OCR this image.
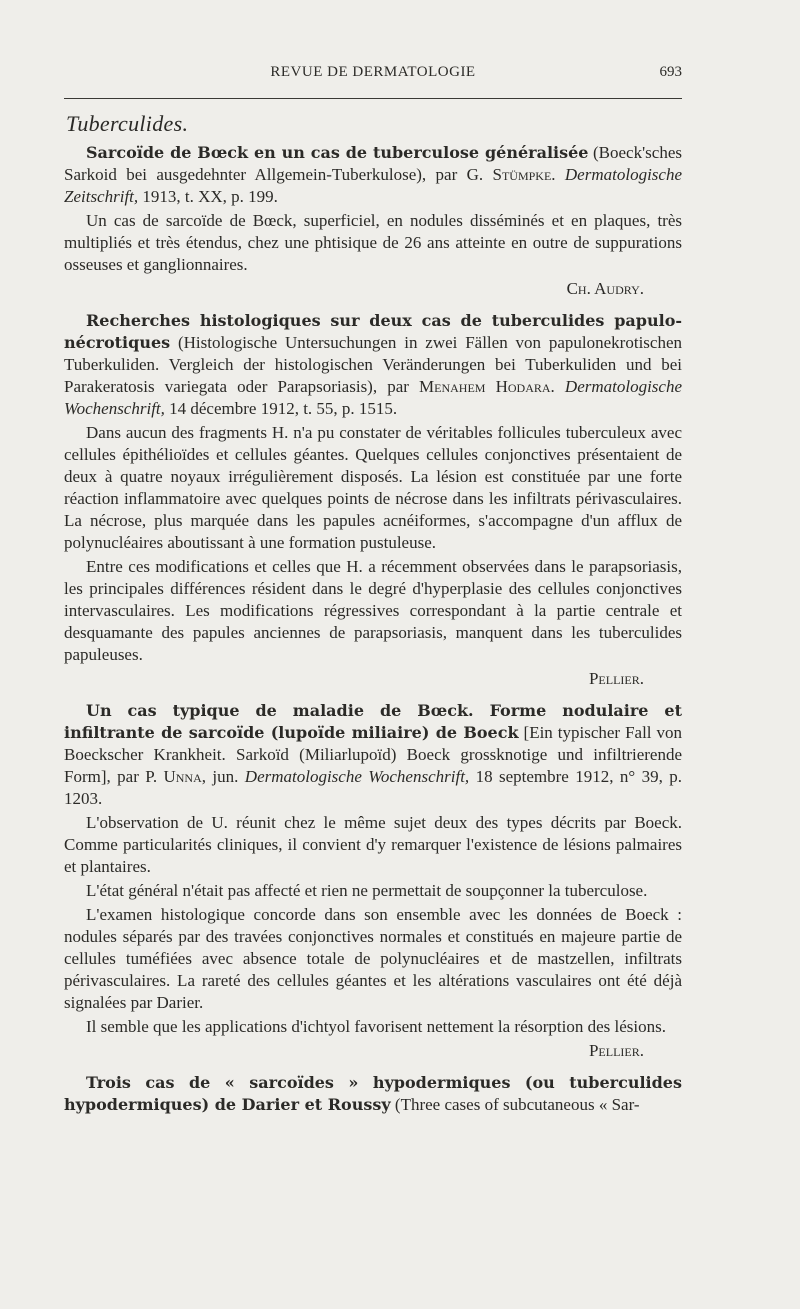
REVUE DE DERMATOLOGIE	693
Tuberculides.

Sarcoïde de Bœck en un cas de tuberculose généralisée (Boeck'sches Sarkoid bei ausgedehnter Allgemein-Tuberkulose), par G. Stümpke. Dermatologische Zeitschrift, 1913, t. XX, p. 199.

Un cas de sarcoïde de Bœck, superficiel, en nodules disséminés et en plaques, très multipliés et très étendus, chez une phtisique de 26 ans atteinte en outre de suppurations osseuses et ganglionnaires.

Ch. Audry.

Recherches histologiques sur deux cas de tuberculides papulo-nécrotiques (Histologische Untersuchungen in zwei Fällen von papulonekrotischen Tuberkuliden. Vergleich der histologischen Veränderungen bei Tuberkuliden und bei Parakeratosis variegata oder Parapsoriasis), par Menahem Hodara. Dermatologische Wochenschrift, 14 décembre 1912, t. 55, p. 1515.

Dans aucun des fragments H. n'a pu constater de véritables follicules tuberculeux avec cellules épithélioïdes et cellules géantes. Quelques cellules conjonctives présentaient de deux à quatre noyaux irrégulièrement disposés. La lésion est constituée par une forte réaction inflammatoire avec quelques points de nécrose dans les infiltrats périvasculaires. La nécrose, plus marquée dans les papules acnéiformes, s'accompagne d'un afflux de polynucléaires aboutissant à une formation pustuleuse.

Entre ces modifications et celles que H. a récemment observées dans le parapsoriasis, les principales différences résident dans le degré d'hyperplasie des cellules conjonctives intervasculaires. Les modifications régressives correspondant à la partie centrale et desquamante des papules anciennes de parapsoriasis, manquent dans les tuberculides papuleuses.

Pellier.

Un cas typique de maladie de Bœck. Forme nodulaire et infiltrante de sarcoïde (lupoïde miliaire) de Boeck [Ein typischer Fall von Boeckscher Krankheit. Sarkoïd (Miliarlupoïd) Boeck grossknotige und infiltrierende Form], par P. Unna, jun. Dermatologische Wochenschrift, 18 septembre 1912, n° 39, p. 1203.

L'observation de U. réunit chez le même sujet deux des types décrits par Boeck. Comme particularités cliniques, il convient d'y remarquer l'existence de lésions palmaires et plantaires.

L'état général n'était pas affecté et rien ne permettait de soupçonner la tuberculose.

L'examen histologique concorde dans son ensemble avec les données de Boeck : nodules séparés par des travées conjonctives normales et constitués en majeure partie de cellules tuméfiées avec absence totale de polynucléaires et de mastzellen, infiltrats périvasculaires. La rareté des cellules géantes et les altérations vasculaires ont été déjà signalées par Darier.

Il semble que les applications d'ichtyol favorisent nettement la résorption des lésions.

Pellier.

Trois cas de « sarcoïdes » hypodermiques (ou tuberculides hypodermiques) de Darier et Roussy (Three cases of subcutaneous « Sar-
